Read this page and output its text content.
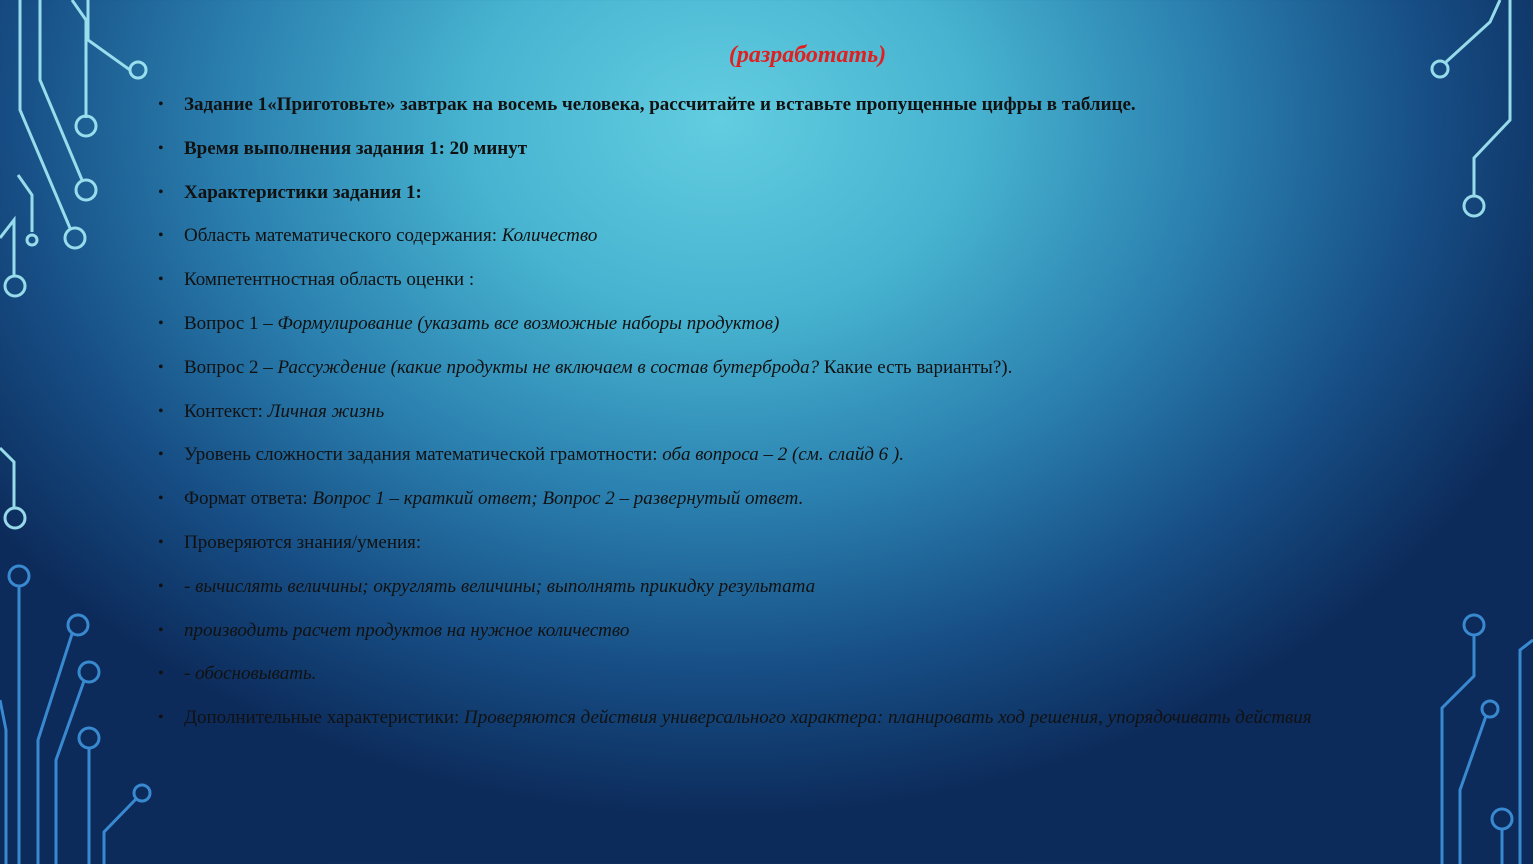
(разработать)
• Задание 1«Приготовьте» завтрак на восемь человека, рассчитайте и вставьте пропущенные цифры в таблице.
• Время выполнения задания 1: 20 минут
• Характеристики задания 1:
• Область математического содержания: Количество
• Компетентностная область оценки :
• Вопрос 1 – Формулирование (указать все возможные наборы продуктов)
• Вопрос 2 – Рассуждение (какие продукты не включаем в состав бутерброда? Какие есть варианты?).
• Контекст: Личная жизнь
• Уровень сложности задания математической грамотности: оба вопроса – 2 (см. слайд 6 ).
• Формат ответа: Вопрос 1 – краткий ответ; Вопрос 2 – развернутый ответ.
• Проверяются знания/умения:
• - вычислять величины; округлять величины; выполнять прикидку результата
• производить расчет продуктов на нужное количество
• - обосновывать.
• Дополнительные характеристики: Проверяются действия универсального характера: планировать ход решения, упорядочивать действия
